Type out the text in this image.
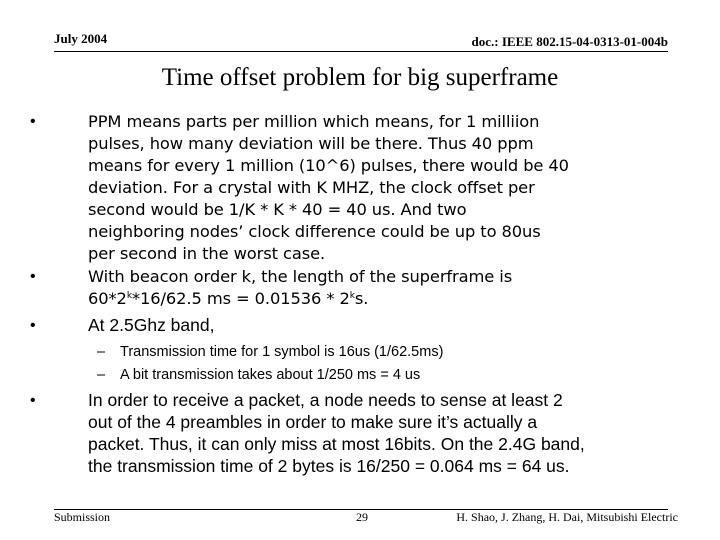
July 2004	doc.: IEEE 802.15-04-0313-01-004b
Time offset problem for big superframe
•	PPM means parts per million which means, for 1 milliion
pulses, how many deviation will be there. Thus 40 ppm
means for every 1 million (10^6) pulses, there would be 40
deviation. For a crystal with K MHZ, the clock offset per
second would be 1/K * K * 40 = 40 us. And two
neighboring nodes’ clock difference could be up to 80us
per second in the worst case.
•	With beacon order k, the length of the superframe is
60*2$^k$*16/62.5 ms = 0.01536 * 2$^k$s.
•	At 2.5Ghz band,
– Transmission time for 1 symbol is 16us (1/62.5ms)
– A bit transmission takes about 1/250 ms = 4 us
•	In order to receive a packet, a node needs to sense at least 2
out of the 4 preambles in order to make sure it’s actually a
packet. Thus, it can only miss at most 16bits. On the 2.4G band,
the transmission time of 2 bytes is 16/250 = 0.064 ms = 64 us.
Submission	29	H. Shao, J. Zhang, H. Dai, Mitsubishi Electric
